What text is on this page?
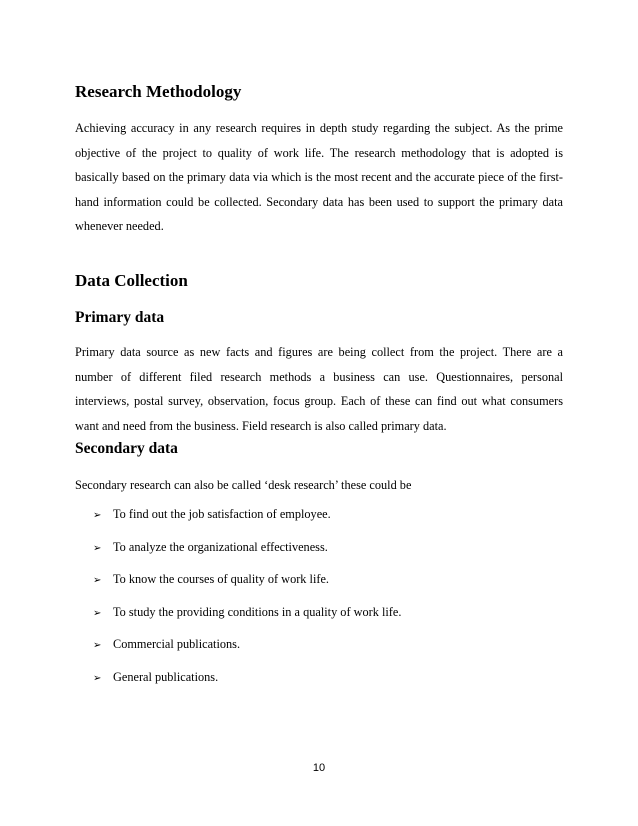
Research Methodology

Achieving accuracy in any research requires in depth study regarding the subject. As the prime objective of the project to quality of work life. The research methodology that is adopted is basically based on the primary data via which is the most recent and the accurate piece of the first-hand information could be collected. Secondary data has been used to support the primary data whenever needed.

Data Collection
Primary data

Primary data source as new facts and figures are being collect from the project. There are a number of different filed research methods a business can use. Questionnaires, personal interviews, postal survey, observation, focus group. Each of these can find out what consumers want and need from the business. Field research is also called primary data.

Secondary data

Secondary research can also be called ‘desk research’ these could be

➢ To find out the job satisfaction of employee.
➢ To analyze the organizational effectiveness.
➢ To know the courses of quality of work life.
➢ To study the providing conditions in a quality of work life.
➢ Commercial publications.
➢ General publications.
10
